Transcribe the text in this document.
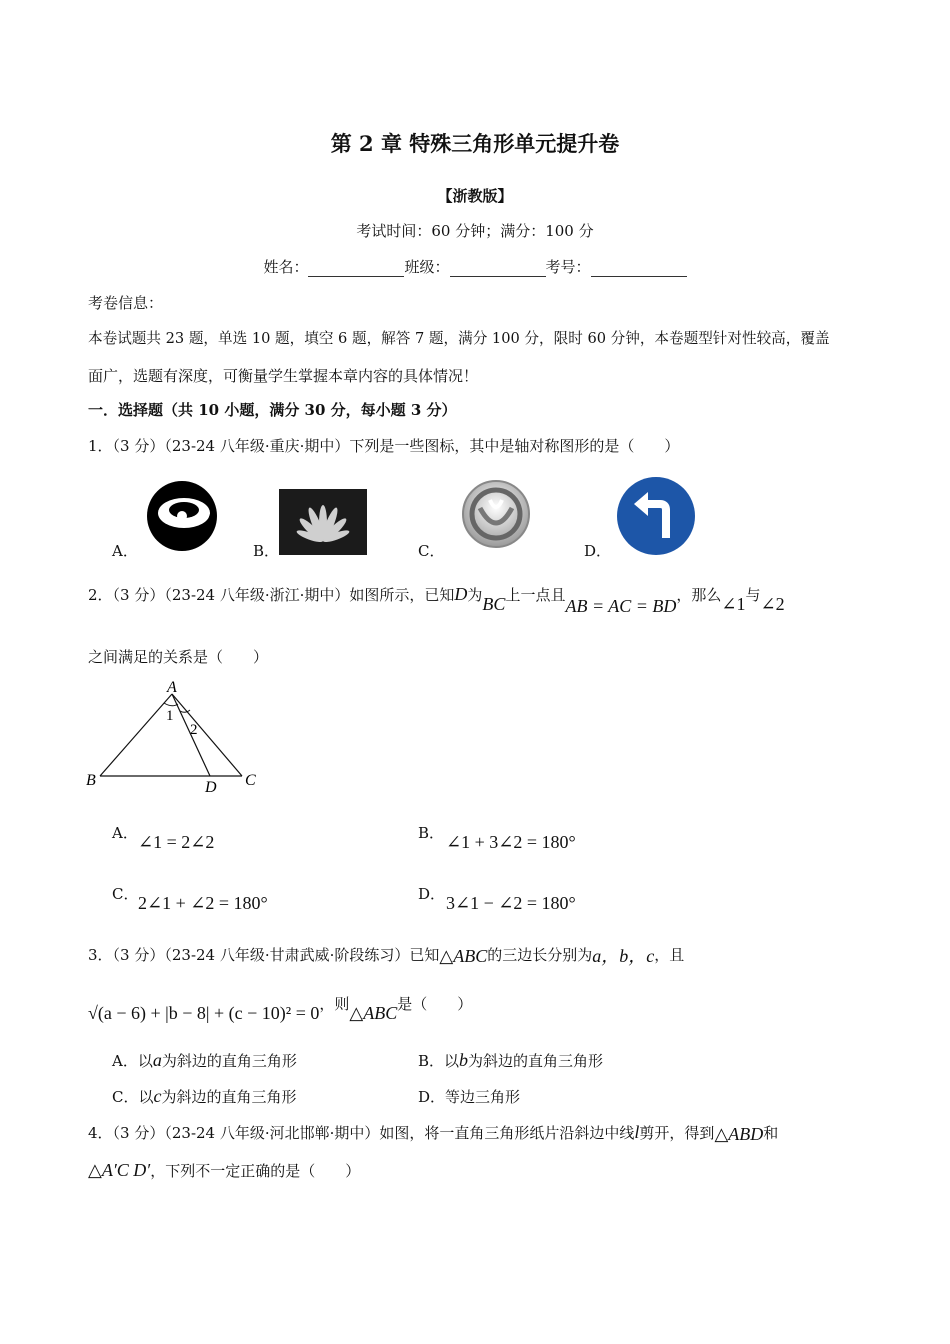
第 2 章 特殊三角形单元提升卷
【浙教版】
考试时间：60 分钟；满分：100 分
姓名：	班级：	考号：
考卷信息：
本卷试题共 23 题，单选 10 题，填空 6 题，解答 7 题，满分 100 分，限时 60 分钟，本卷题型针对性较高，覆盖
面广，选题有深度，可衡量学生掌握本章内容的具体情况！
一．选择题（共 10 小题，满分 30 分，每小题 3 分）
1．（3 分）（23-24 八年级·重庆·期中）下列是一些图标，其中是轴对称图形的是（　　）
A．	B．	C．	D．
2．（3 分）（23-24 八年级·浙江·期中）如图所示，已知D为BC上一点且AB = AC = BD，那么∠1与∠2
之间满足的关系是（　　）
A
B	C
D
1
2
A． ∠1 = 2∠2	B． ∠1 + 3∠2 = 180°
C． 2∠1 + ∠2 = 180°	D． 3∠1 − ∠2 = 180°
3．（3 分）（23-24 八年级·甘肃武威·阶段练习）已知△ABC的三边长分别为a，b，c，且
√(a − 6) + |b − 8| + (c − 10)² = 0，则△ABC是（　　）
A．以a为斜边的直角三角形	B．以b为斜边的直角三角形
C．以c为斜边的直角三角形	D．等边三角形
4．（3 分）（23-24 八年级·河北邯郸·期中）如图，将一直角三角形纸片沿斜边中线l剪开，得到△ABD和
△A′C D′，下列不一定正确的是（　　）
